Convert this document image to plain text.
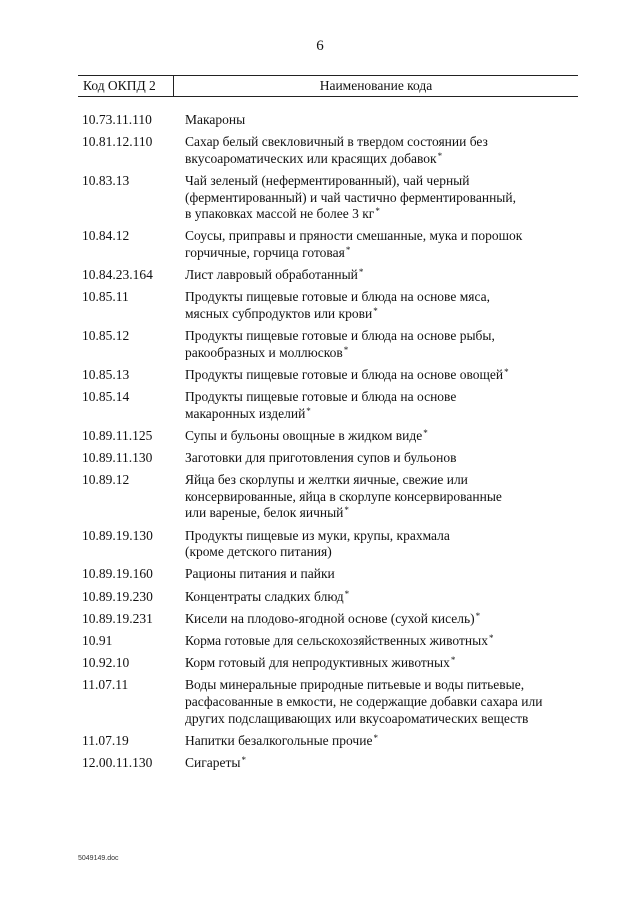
6
Код ОКПД 2	Наименование кода
10.73.11.110	Макароны
10.81.12.110	Сахар белый свекловичный в твердом состоянии без
вкусоароматических или красящих добавок*
10.83.13	Чай зеленый (неферментированный), чай черный
(ферментированный) и чай частично ферментированный,
в упаковках массой не более 3 кг*
10.84.12	Соусы, приправы и пряности смешанные, мука и порошок
горчичные, горчица готовая*
10.84.23.164	Лист лавровый обработанный*
10.85.11	Продукты пищевые готовые и блюда на основе мяса,
мясных субпродуктов или крови*
10.85.12	Продукты пищевые готовые и блюда на основе рыбы,
ракообразных и моллюсков*
10.85.13	Продукты пищевые готовые и блюда на основе овощей*
10.85.14	Продукты пищевые готовые и блюда на основе
макаронных изделий*
10.89.11.125	Супы и бульоны овощные в жидком виде*
10.89.11.130	Заготовки для приготовления супов и бульонов
10.89.12	Яйца без скорлупы и желтки яичные, свежие или
консервированные, яйца в скорлупе консервированные
или вареные, белок яичный*
10.89.19.130	Продукты пищевые из муки, крупы, крахмала
(кроме детского питания)
10.89.19.160	Рационы питания и пайки
10.89.19.230	Концентраты сладких блюд*
10.89.19.231	Кисели на плодово-ягодной основе (сухой кисель)*
10.91	Корма готовые для сельскохозяйственных животных*
10.92.10	Корм готовый для непродуктивных животных*
11.07.11	Воды минеральные природные питьевые и воды питьевые,
расфасованные в емкости, не содержащие добавки сахара или
других подслащивающих или вкусоароматических веществ
11.07.19	Напитки безалкогольные прочие*
12.00.11.130	Сигареты*
5049149.doc
